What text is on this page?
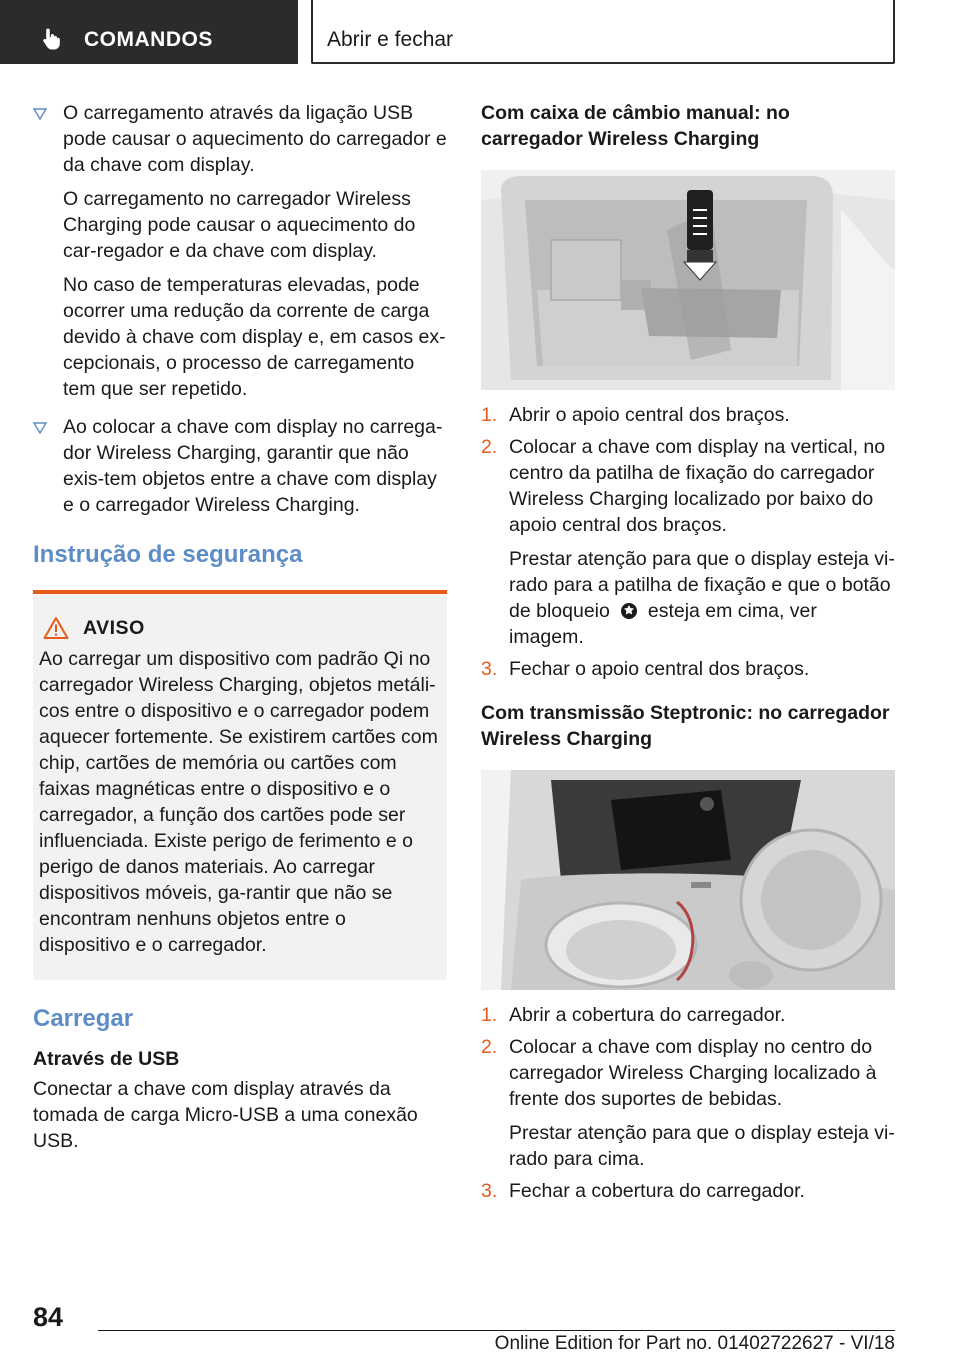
COMANDOS	Abrir e fechar

O carregamento através da ligação USB pode causar o aquecimento do carregador e da chave com display.

O carregamento no carregador Wireless Charging pode causar o aquecimento do car-regador e da chave com display.

No caso de temperaturas elevadas, pode ocorrer uma redução da corrente de carga devido à chave com display e, em casos ex-cepcionais, o processo de carregamento tem que ser repetido.

Ao colocar a chave com display no carrega-dor Wireless Charging, garantir que não exis-tem objetos entre a chave com display e o carregador Wireless Charging.

Instrução de segurança
AVISO

Ao carregar um dispositivo com padrão Qi no carregador Wireless Charging, objetos metáli-cos entre o dispositivo e o carregador podem aquecer fortemente. Se existirem cartões com chip, cartões de memória ou cartões com faixas magnéticas entre o dispositivo e o carregador, a função dos cartões pode ser influenciada. Existe perigo de ferimento e o perigo de danos materiais. Ao carregar dispositivos móveis, ga-rantir que não se encontram nenhuns objetos entre o dispositivo e o carregador.

Carregar
Através de USB

Conectar a chave com display através da tomada de carga Micro-USB a uma conexão USB.

Com caixa de câmbio manual: no carregador Wireless Charging
1. Abrir o apoio central dos braços.

2. Colocar a chave com display na vertical, no centro da patilha de fixação do carregador Wireless Charging localizado por baixo do apoio central dos braços.

Prestar atenção para que o display esteja vi-rado para a patilha de fixação e que o botão de bloqueio esteja em cima, ver imagem.

3. Fechar o apoio central dos braços.

Com transmissão Steptronic: no carregador Wireless Charging
1. Abrir a cobertura do carregador.

2. Colocar a chave com display no centro do carregador Wireless Charging localizado à frente dos suportes de bebidas.

Prestar atenção para que o display esteja vi-rado para cima.

3. Fechar a cobertura do carregador.

84
Online Edition for Part no. 01402722627 - VI/18
